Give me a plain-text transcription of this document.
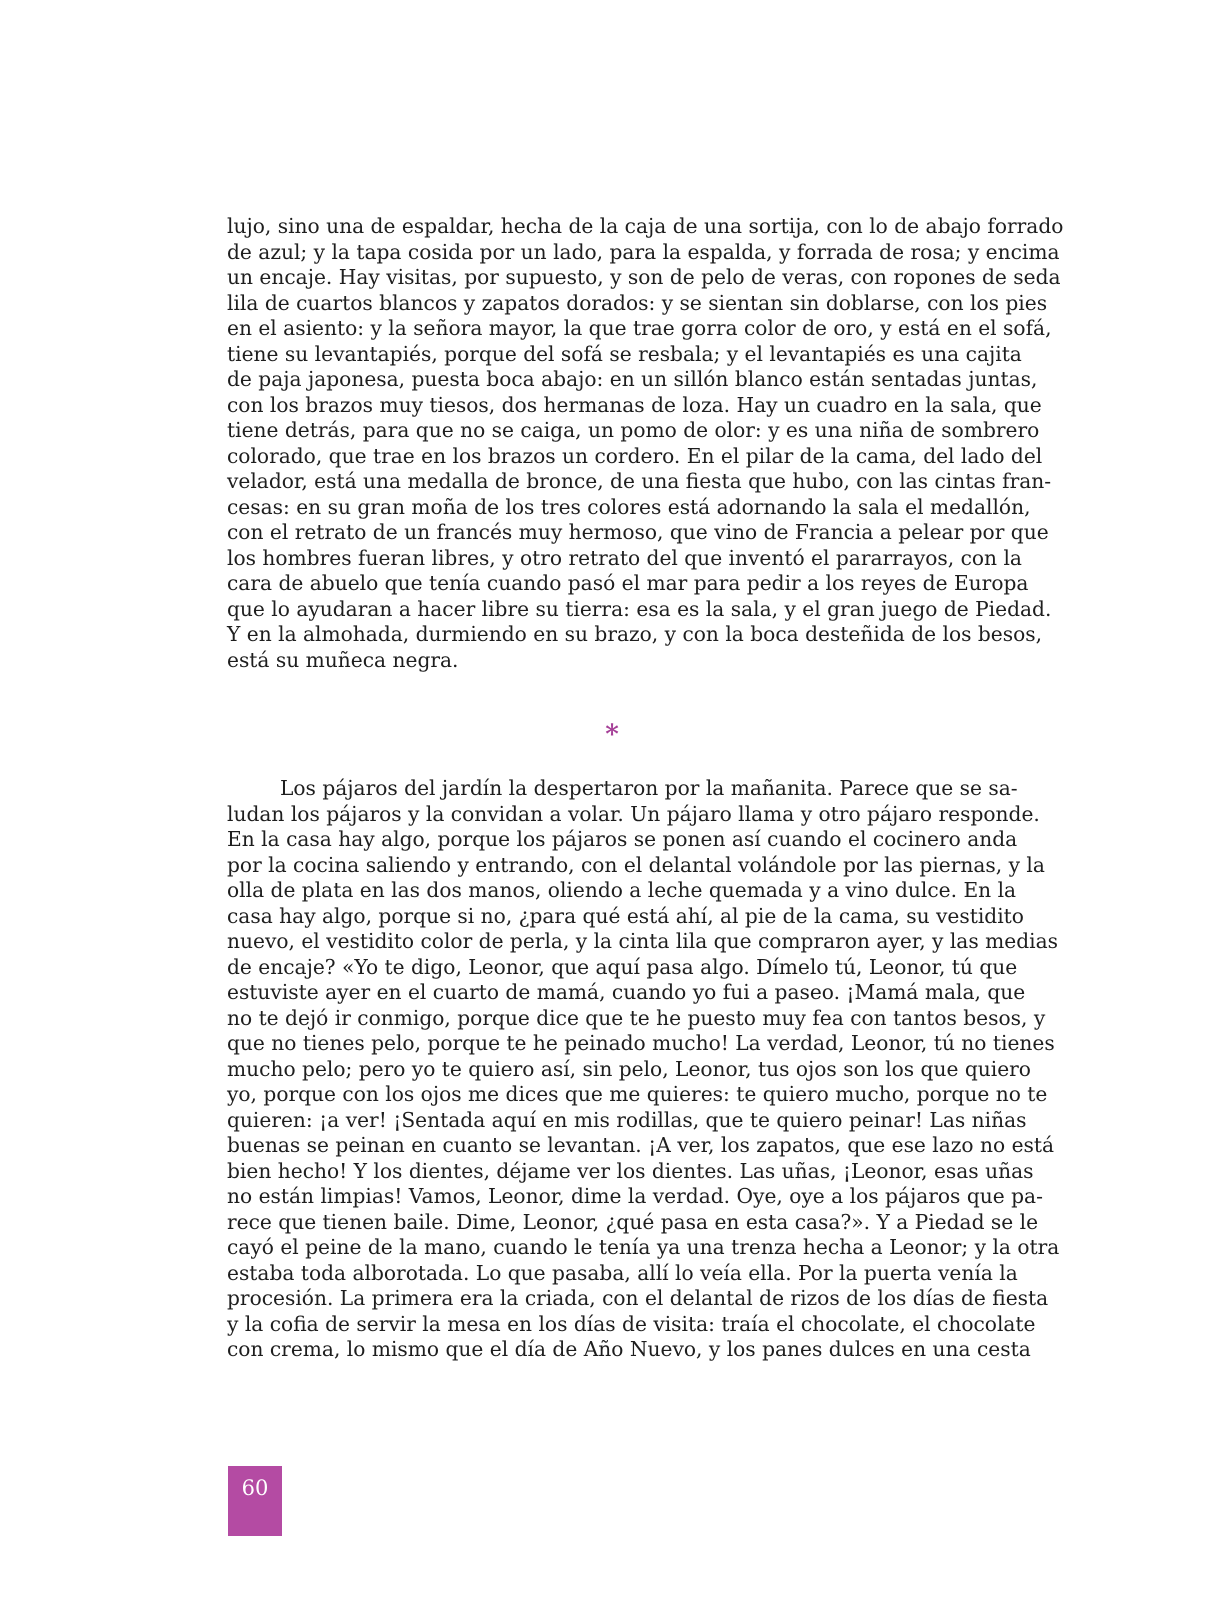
lujo, sino una de espaldar, hecha de la caja de una sortija, con lo de abajo forrado
de azul; y la tapa cosida por un lado, para la espalda, y forrada de rosa; y encima
un encaje. Hay visitas, por supuesto, y son de pelo de veras, con ropones de seda
lila de cuartos blancos y zapatos dorados: y se sientan sin doblarse, con los pies
en el asiento: y la señora mayor, la que trae gorra color de oro, y está en el sofá,
tiene su levantapiés, porque del sofá se resbala; y el levantapiés es una cajita
de paja japonesa, puesta boca abajo: en un sillón blanco están sentadas juntas,
con los brazos muy tiesos, dos hermanas de loza. Hay un cuadro en la sala, que
tiene detrás, para que no se caiga, un pomo de olor: y es una niña de sombrero
colorado, que trae en los brazos un cordero. En el pilar de la cama, del lado del
velador, está una medalla de bronce, de una fiesta que hubo, con las cintas fran-
cesas: en su gran moña de los tres colores está adornando la sala el medallón,
con el retrato de un francés muy hermoso, que vino de Francia a pelear por que
los hombres fueran libres, y otro retrato del que inventó el pararrayos, con la
cara de abuelo que tenía cuando pasó el mar para pedir a los reyes de Europa
que lo ayudaran a hacer libre su tierra: esa es la sala, y el gran juego de Piedad.
Y en la almohada, durmiendo en su brazo, y con la boca desteñida de los besos,
está su muñeca negra.
*
Los pájaros del jardín la despertaron por la mañanita. Parece que se sa-
ludan los pájaros y la convidan a volar. Un pájaro llama y otro pájaro responde.
En la casa hay algo, porque los pájaros se ponen así cuando el cocinero anda
por la cocina saliendo y entrando, con el delantal volándole por las piernas, y la
olla de plata en las dos manos, oliendo a leche quemada y a vino dulce. En la
casa hay algo, porque si no, ¿para qué está ahí, al pie de la cama, su vestidito
nuevo, el vestidito color de perla, y la cinta lila que compraron ayer, y las medias
de encaje? «Yo te digo, Leonor, que aquí pasa algo. Dímelo tú, Leonor, tú que
estuviste ayer en el cuarto de mamá, cuando yo fui a paseo. ¡Mamá mala, que
no te dejó ir conmigo, porque dice que te he puesto muy fea con tantos besos, y
que no tienes pelo, porque te he peinado mucho! La verdad, Leonor, tú no tienes
mucho pelo; pero yo te quiero así, sin pelo, Leonor, tus ojos son los que quiero
yo, porque con los ojos me dices que me quieres: te quiero mucho, porque no te
quieren: ¡a ver! ¡Sentada aquí en mis rodillas, que te quiero peinar! Las niñas
buenas se peinan en cuanto se levantan. ¡A ver, los zapatos, que ese lazo no está
bien hecho! Y los dientes, déjame ver los dientes. Las uñas, ¡Leonor, esas uñas
no están limpias! Vamos, Leonor, dime la verdad. Oye, oye a los pájaros que pa-
rece que tienen baile. Dime, Leonor, ¿qué pasa en esta casa?». Y a Piedad se le
cayó el peine de la mano, cuando le tenía ya una trenza hecha a Leonor; y la otra
estaba toda alborotada. Lo que pasaba, allí lo veía ella. Por la puerta venía la
procesión. La primera era la criada, con el delantal de rizos de los días de fiesta
y la cofia de servir la mesa en los días de visita: traía el chocolate, el chocolate
con crema, lo mismo que el día de Año Nuevo, y los panes dulces en una cesta
60
